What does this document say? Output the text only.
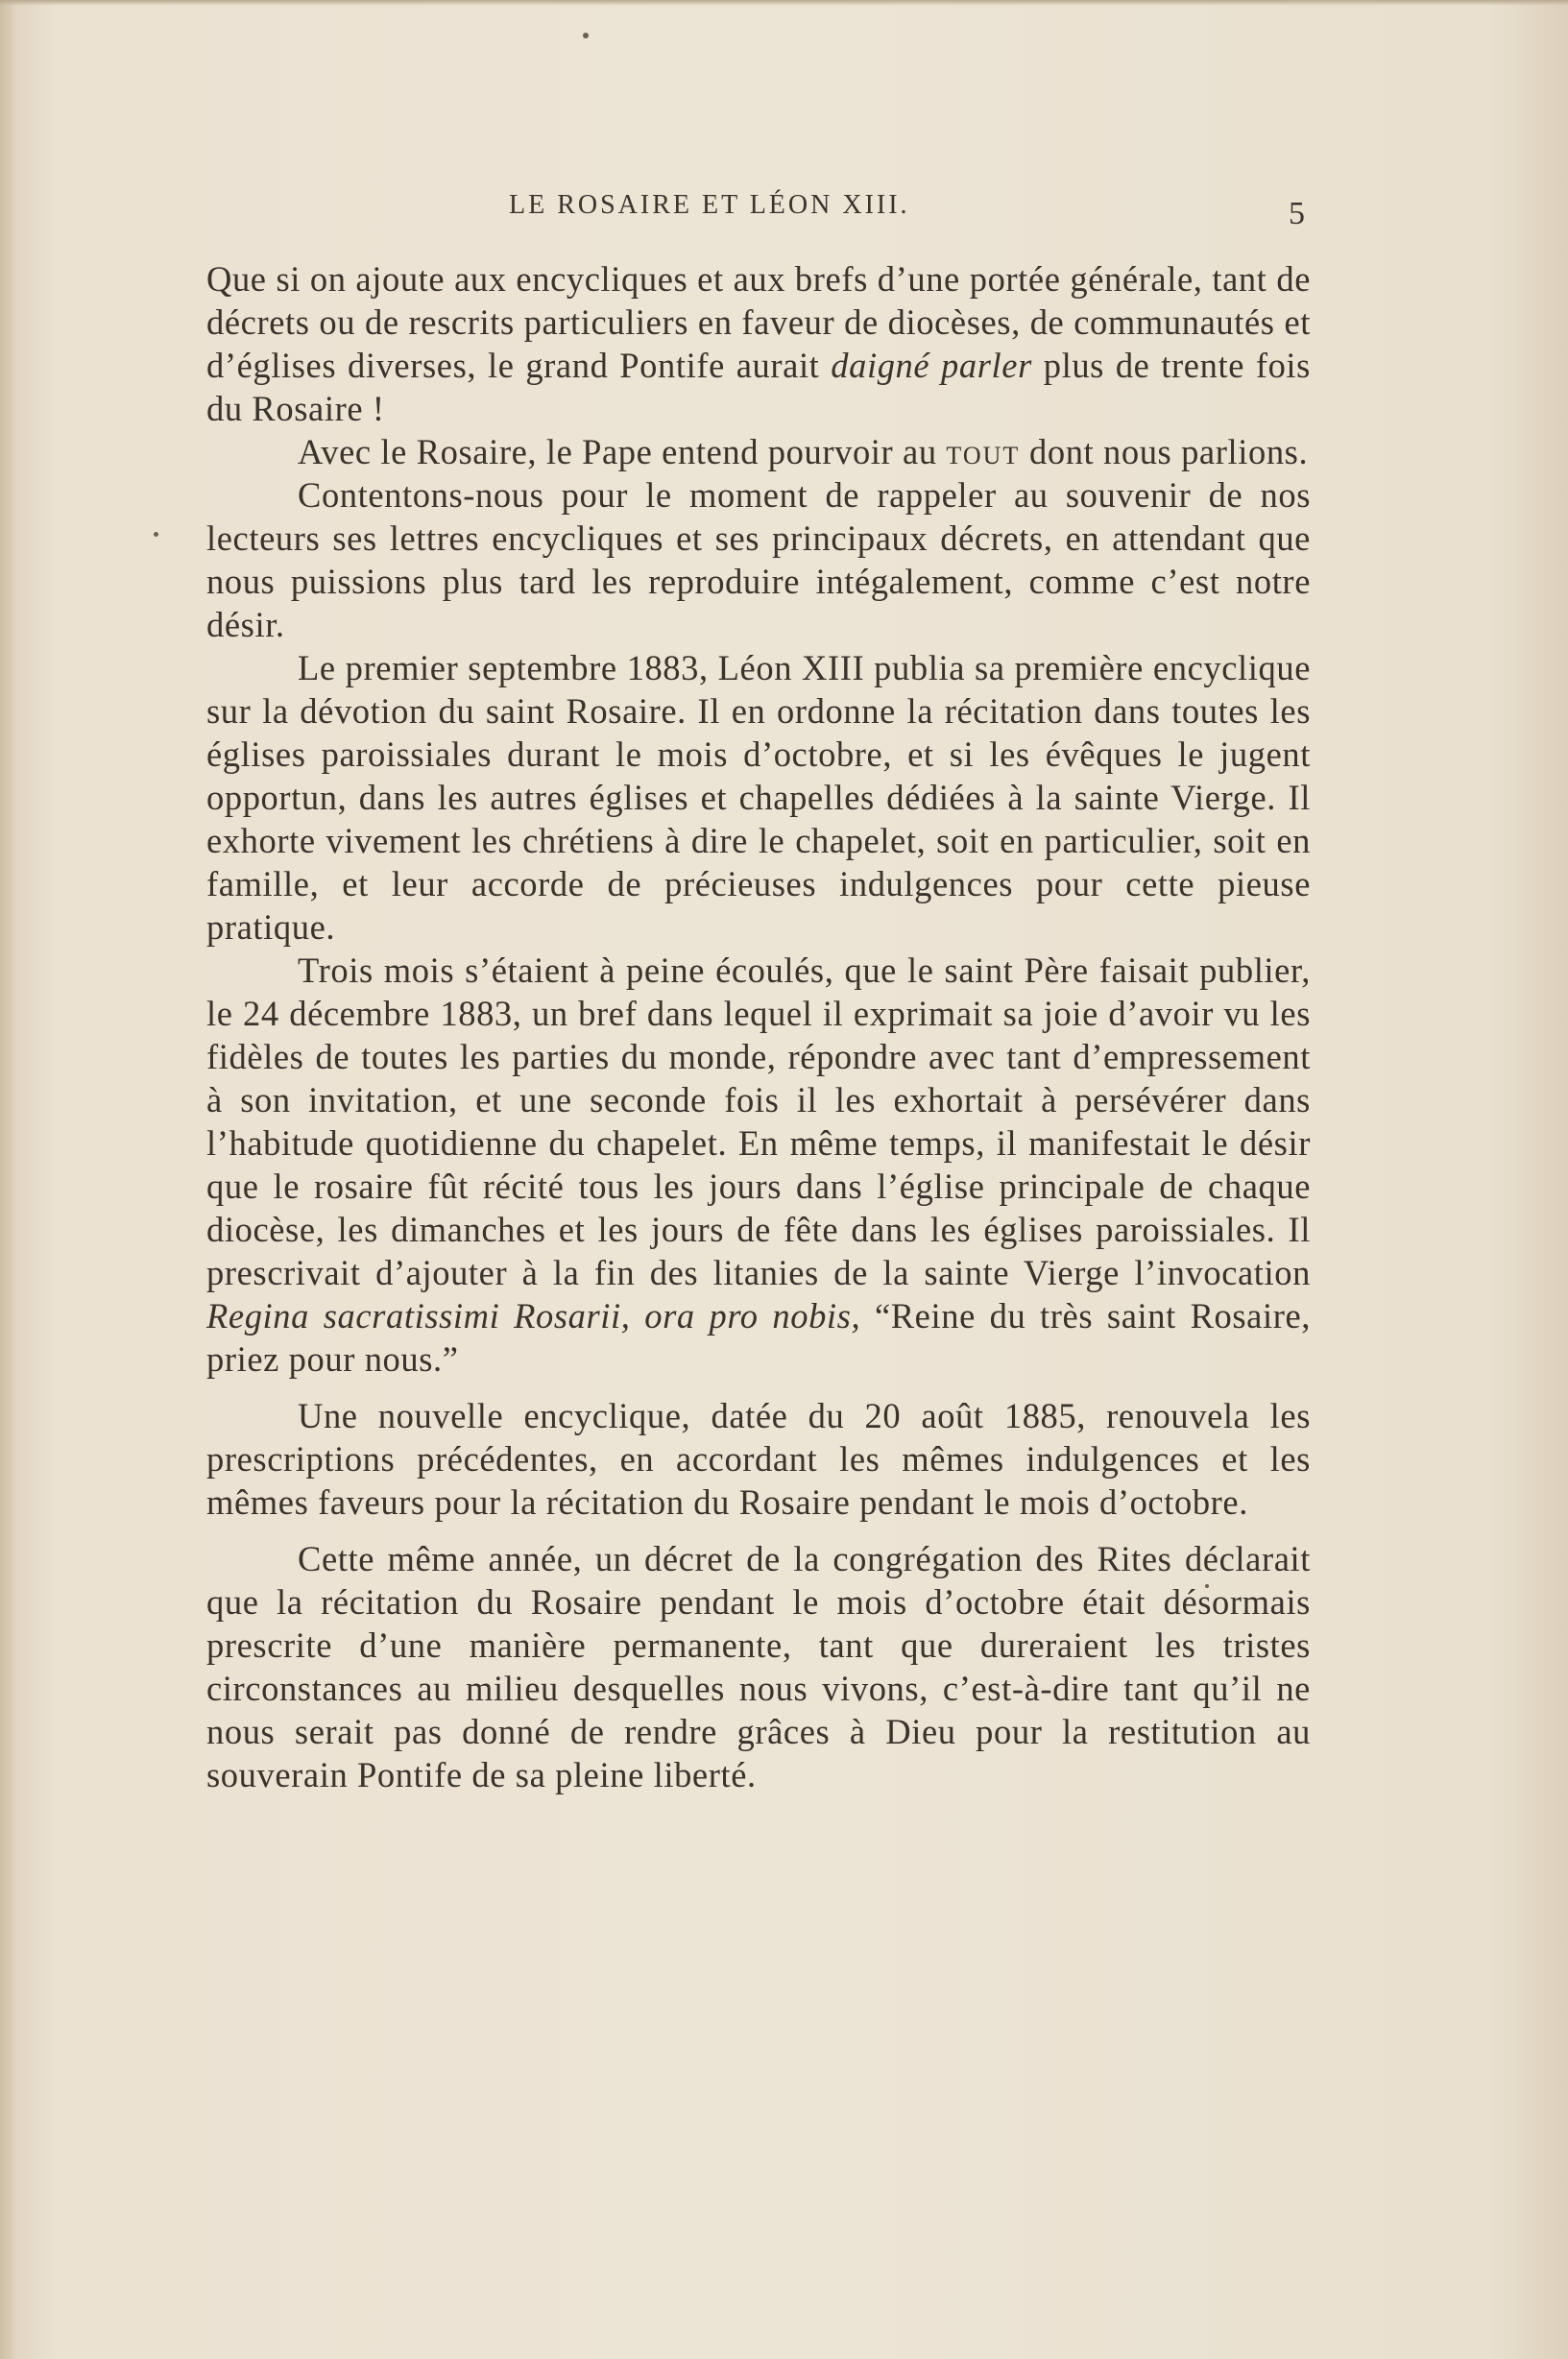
LE ROSAIRE ET LÉON XIII.	5

Que si on ajoute aux encycliques et aux brefs d’une portée générale, tant de décrets ou de rescrits particuliers en faveur de diocèses, de communautés et d’églises diverses, le grand Pontife aurait daigné parler plus de trente fois du Rosaire !

Avec le Rosaire, le Pape entend pourvoir au tout dont nous parlions.

Contentons-nous pour le moment de rappeler au souvenir de nos lecteurs ses lettres encycliques et ses principaux décrets, en attendant que nous puissions plus tard les reproduire intégalement, comme c’est notre désir.

Le premier septembre 1883, Léon XIII publia sa première encyclique sur la dévotion du saint Rosaire. Il en ordonne la récitation dans toutes les églises paroissiales durant le mois d’octobre, et si les évêques le jugent opportun, dans les autres églises et chapelles dédiées à la sainte Vierge. Il exhorte vivement les chrétiens à dire le chapelet, soit en particulier, soit en famille, et leur accorde de précieuses indulgences pour cette pieuse pratique.

Trois mois s’étaient à peine écoulés, que le saint Père faisait publier, le 24 décembre 1883, un bref dans lequel il exprimait sa joie d’avoir vu les fidèles de toutes les parties du monde, répondre avec tant d’empressement à son invitation, et une seconde fois il les exhortait à persévérer dans l’habitude quotidienne du chapelet. En même temps, il manifestait le désir que le rosaire fût récité tous les jours dans l’église principale de chaque diocèse, les dimanches et les jours de fête dans les églises paroissiales. Il prescrivait d’ajouter à la fin des litanies de la sainte Vierge l’invocation Regina sacratissimi Rosarii, ora pro nobis, “Reine du très saint Rosaire, priez pour nous.”

Une nouvelle encyclique, datée du 20 août 1885, renouvela les prescriptions précédentes, en accordant les mêmes indulgences et les mêmes faveurs pour la récitation du Rosaire pendant le mois d’octobre.

Cette même année, un décret de la congrégation des Rites déclarait que la récitation du Rosaire pendant le mois d’octobre était désormais prescrite d’une manière permanente, tant que dureraient les tristes circonstances au milieu desquelles nous vivons, c’est-à-dire tant qu’il ne nous serait pas donné de rendre grâces à Dieu pour la restitution au souverain Pontife de sa pleine liberté.
